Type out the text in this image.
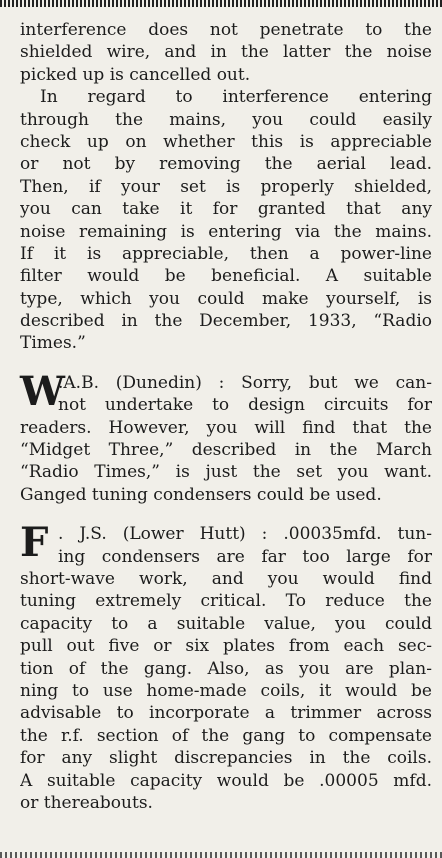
interference does not penetrate to the
shielded wire, and in the latter the noise
picked up is cancelled out.
In regard to interference entering
through the mains, you could easily
check up on whether this is appreciable
or not by removing the aerial lead.
Then, if your set is properly shielded,
you can take it for granted that any
noise remaining is entering via the mains.
If it is appreciable, then a power-line
filter would be beneficial. A suitable
type, which you could make yourself, is
described in the December, 1933, “Radio
Times.”
W
.A.B. (Dunedin) : Sorry, but we can-
not undertake to design circuits for
readers. However, you will find that the
“Midget Three,” described in the March
“Radio Times,” is just the set you want.
Ganged tuning condensers could be used.
F . J.S. (Lower Hutt) : .00035mfd. tun-
ing condensers are far too large for
short-wave work, and you would find
tuning extremely critical. To reduce the
capacity to a suitable value, you could
pull out five or six plates from each sec-
tion of the gang. Also, as you are plan-
ning to use home-made coils, it would be
advisable to incorporate a trimmer across
the r.f. section of the gang to compensate
for any slight discrepancies in the coils.
A suitable capacity would be .00005 mfd.
or thereabouts.
